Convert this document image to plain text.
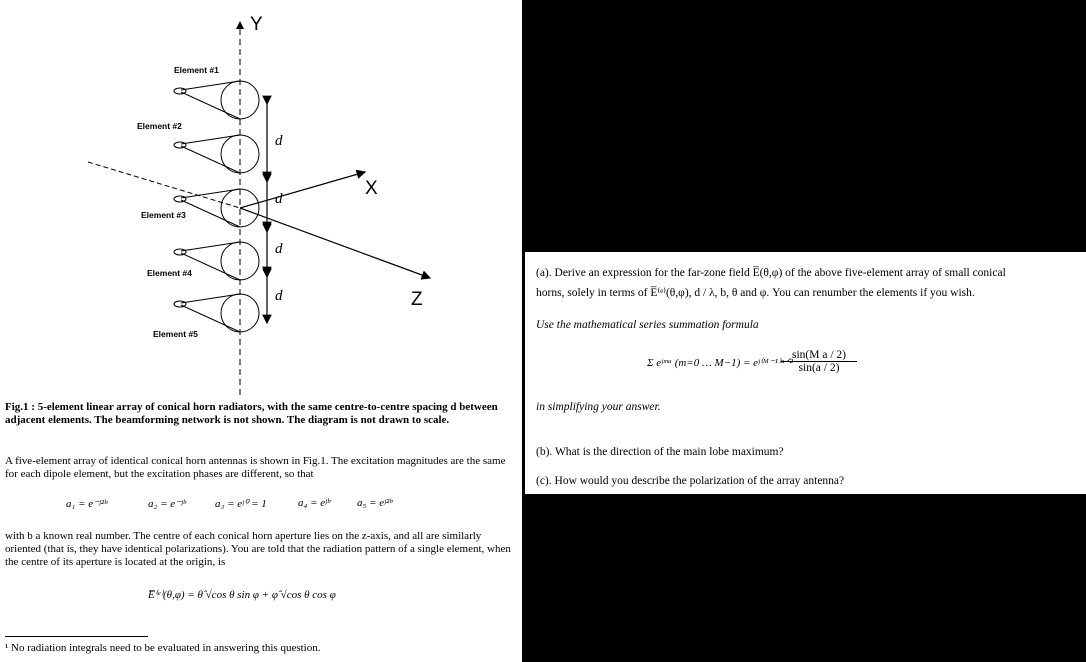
Y
X
Z
Element #1
Element #2
Element #3
Element #4
Element #5
d
d
d
d
Fig.1 : 5-element linear array of conical horn radiators, with the same centre-to-centre spacing d between adjacent elements. The beamforming network is not shown. The diagram is not drawn to scale.
A five-element array of identical conical horn antennas is shown in Fig.1. The excitation magnitudes are the same for each dipole element, but the excitation phases are different, so that
a₁ = e⁻ʲ²ᵇ	a₂ = e⁻ʲᵇ	a₃ = eʲ⁰ = 1	a₄ = eʲᵇ a₅ = eʲ²ᵇ
with b a known real number. The centre of each conical horn aperture lies on the z-axis, and all are similarly oriented (that is, they have identical polarizations). You are told that the radiation pattern of a single element, when the centre of its aperture is located at the origin, is
E̅⁽ᵉ⁾(θ,φ) = θ̂ √cos θ sin φ + φ̂ √cos θ cos φ
¹ No radiation integrals need to be evaluated in answering this question.
(a). Derive an expression for the far-zone field E̅(θ,φ) of the above five-element array of small conical
horns, solely in terms of E̅⁽ᵉ⁾(θ,φ), d / λ, b, θ and φ. You can renumber the elements if you wish.
Use the mathematical series summation formula
Σ eʲᵐᵃ (m=0 … M−1) = eʲ⁽ᴹ⁻¹⁾ᵃᐟ²
$\frac{\text{sin(M a / 2)}}{\sin(a / 2)}$
in simplifying your answer.
(b). What is the direction of the main lobe maximum?
(c). How would you describe the polarization of the array antenna?
